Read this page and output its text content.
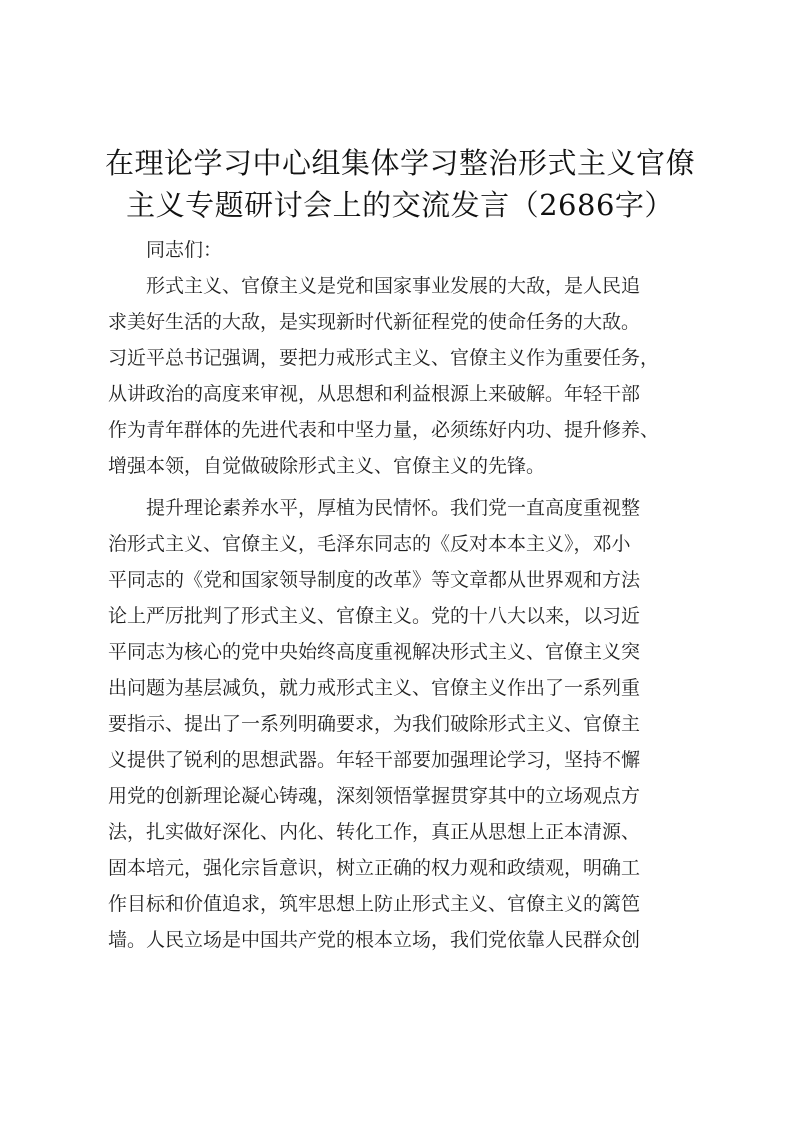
在理论学习中心组集体学习整治形式主义官僚
主义专题研讨会上的交流发言（2686字）
同志们：
形式主义、官僚主义是党和国家事业发展的大敌，是人民追
求美好生活的大敌，是实现新时代新征程党的使命任务的大敌。
习近平总书记强调，要把力戒形式主义、官僚主义作为重要任务，
从讲政治的高度来审视，从思想和利益根源上来破解。年轻干部
作为青年群体的先进代表和中坚力量，必须练好内功、提升修养、
增强本领，自觉做破除形式主义、官僚主义的先锋。
提升理论素养水平，厚植为民情怀。我们党一直高度重视整
治形式主义、官僚主义，毛泽东同志的《反对本本主义》，邓小
平同志的《党和国家领导制度的改革》等文章都从世界观和方法
论上严厉批判了形式主义、官僚主义。党的十八大以来，以习近
平同志为核心的党中央始终高度重视解决形式主义、官僚主义突
出问题为基层减负，就力戒形式主义、官僚主义作出了一系列重
要指示、提出了一系列明确要求，为我们破除形式主义、官僚主
义提供了锐利的思想武器。年轻干部要加强理论学习，坚持不懈
用党的创新理论凝心铸魂，深刻领悟掌握贯穿其中的立场观点方
法，扎实做好深化、内化、转化工作，真正从思想上正本清源、
固本培元，强化宗旨意识，树立正确的权力观和政绩观，明确工
作目标和价值追求，筑牢思想上防止形式主义、官僚主义的篱笆
墙。人民立场是中国共产党的根本立场，我们党依靠人民群众创
